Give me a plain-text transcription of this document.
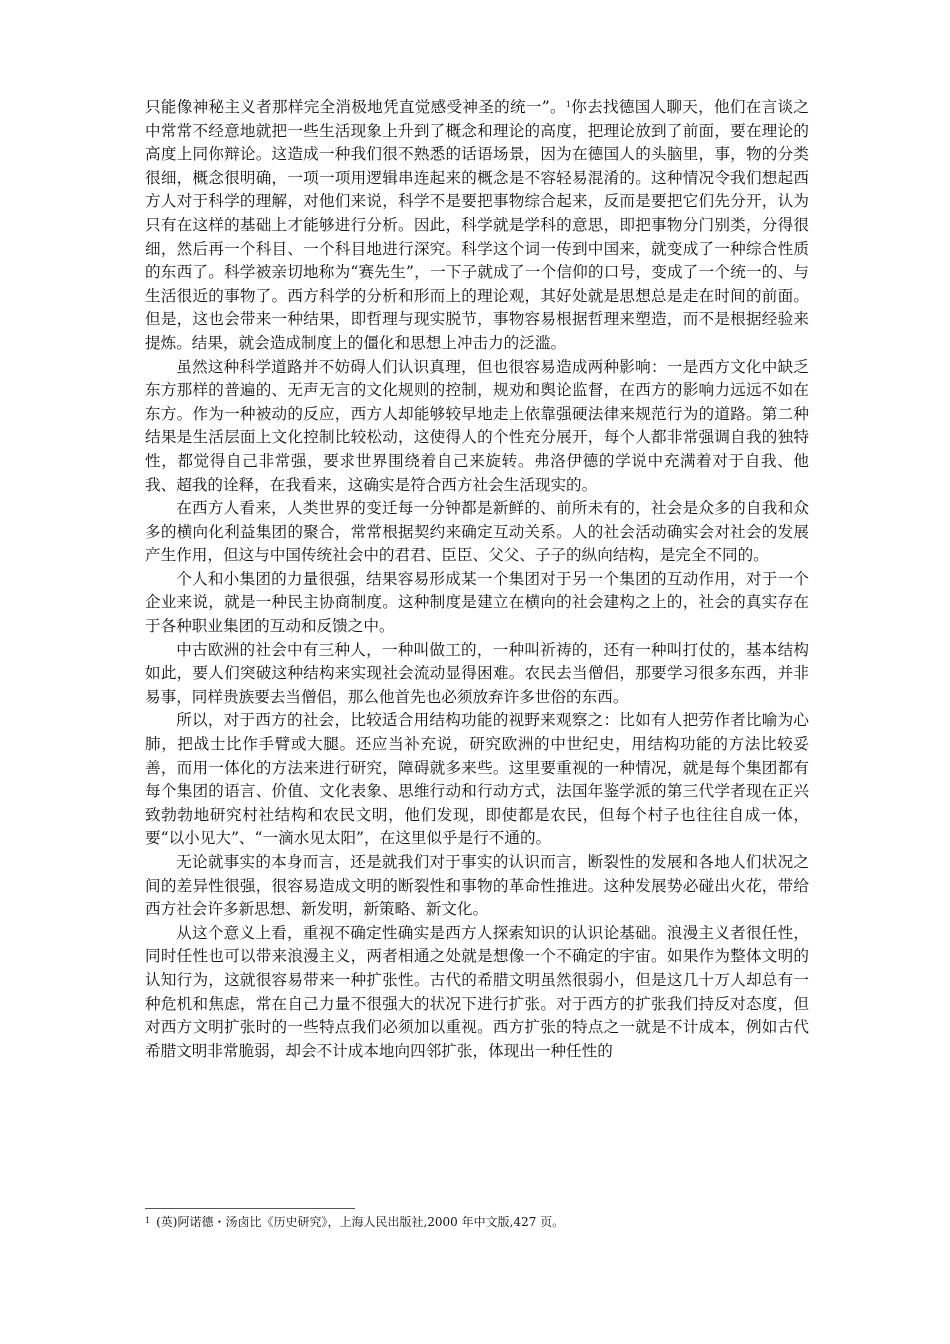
只能像神秘主义者那样完全消极地凭直觉感受神圣的统一”。$^1$你去找德国人聊天，他们在言谈之中常常不经意地就把一些生活现象上升到了概念和理论的高度，把理论放到了前面，要在理论的高度上同你辩论。这造成一种我们很不熟悉的话语场景，因为在德国人的头脑里，事，物的分类很细，概念很明确，一项一项用逻辑串连起来的概念是不容轻易混淆的。这种情况令我们想起西方人对于科学的理解，对他们来说，科学不是要把事物综合起来，反而是要把它们先分开，认为只有在这样的基础上才能够进行分析。因此，科学就是学科的意思，即把事物分门别类，分得很细，然后再一个科目、一个科目地进行深究。科学这个词一传到中国来，就变成了一种综合性质的东西了。科学被亲切地称为“赛先生”，一下子就成了一个信仰的口号，变成了一个统一的、与生活很近的事物了。西方科学的分析和形而上的理论观，其好处就是思想总是走在时间的前面。但是，这也会带来一种结果，即哲理与现实脱节，事物容易根据哲理来塑造，而不是根据经验来提炼。结果，就会造成制度上的僵化和思想上冲击力的泛滥。

虽然这种科学道路并不妨碍人们认识真理，但也很容易造成两种影响：一是西方文化中缺乏东方那样的普遍的、无声无言的文化规则的控制，规劝和舆论监督，在西方的影响力远远不如在东方。作为一种被动的反应，西方人却能够较早地走上依靠强硬法律来规范行为的道路。第二种结果是生活层面上文化控制比较松动，这使得人的个性充分展开，每个人都非常强调自我的独特性，都觉得自己非常强，要求世界围绕着自己来旋转。弗洛伊德的学说中充满着对于自我、他我、超我的诠释，在我看来，这确实是符合西方社会生活现实的。

在西方人看来，人类世界的变迁每一分钟都是新鲜的、前所未有的，社会是众多的自我和众多的横向化利益集团的聚合，常常根据契约来确定互动关系。人的社会活动确实会对社会的发展产生作用，但这与中国传统社会中的君君、臣臣、父父、子子的纵向结构，是完全不同的。

个人和小集团的力量很强，结果容易形成某一个集团对于另一个集团的互动作用，对于一个企业来说，就是一种民主协商制度。这种制度是建立在横向的社会建构之上的，社会的真实存在于各种职业集团的互动和反馈之中。

中古欧洲的社会中有三种人，一种叫做工的，一种叫祈祷的，还有一种叫打仗的，基本结构如此，要人们突破这种结构来实现社会流动显得困难。农民去当僧侣，那要学习很多东西，并非易事，同样贵族要去当僧侣，那么他首先也必须放弃许多世俗的东西。

所以，对于西方的社会，比较适合用结构功能的视野来观察之：比如有人把劳作者比喻为心肺，把战士比作手臂或大腿。还应当补充说，研究欧洲的中世纪史，用结构功能的方法比较妥善，而用一体化的方法来进行研究，障碍就多来些。这里要重视的一种情况，就是每个集团都有每个集团的语言、价值、文化表象、思维行动和行动方式，法国年鉴学派的第三代学者现在正兴致勃勃地研究村社结构和农民文明，他们发现，即使都是农民，但每个村子也往往自成一体，要“以小见大”、“一滴水见太阳”，在这里似乎是行不通的。

无论就事实的本身而言，还是就我们对于事实的认识而言，断裂性的发展和各地人们状况之间的差异性很强，很容易造成文明的断裂性和事物的革命性推进。这种发展势必碰出火花，带给西方社会许多新思想、新发明，新策略、新文化。

从这个意义上看，重视不确定性确实是西方人探索知识的认识论基础。浪漫主义者很任性，同时任性也可以带来浪漫主义，两者相通之处就是想像一个不确定的宇宙。如果作为整体文明的认知行为，这就很容易带来一种扩张性。古代的希腊文明虽然很弱小，但是这几十万人却总有一种危机和焦虑，常在自己力量不很强大的状况下进行扩张。对于西方的扩张我们持反对态度，但对西方文明扩张时的一些特点我们必须加以重视。西方扩张的特点之一就是不计成本，例如古代希腊文明非常脆弱，却会不计成本地向四邻扩张，体现出一种任性的

$^1$ (英)阿诺德・汤卤比《历史研究》，上海人民出版社,2000 年中文版,427 页。
